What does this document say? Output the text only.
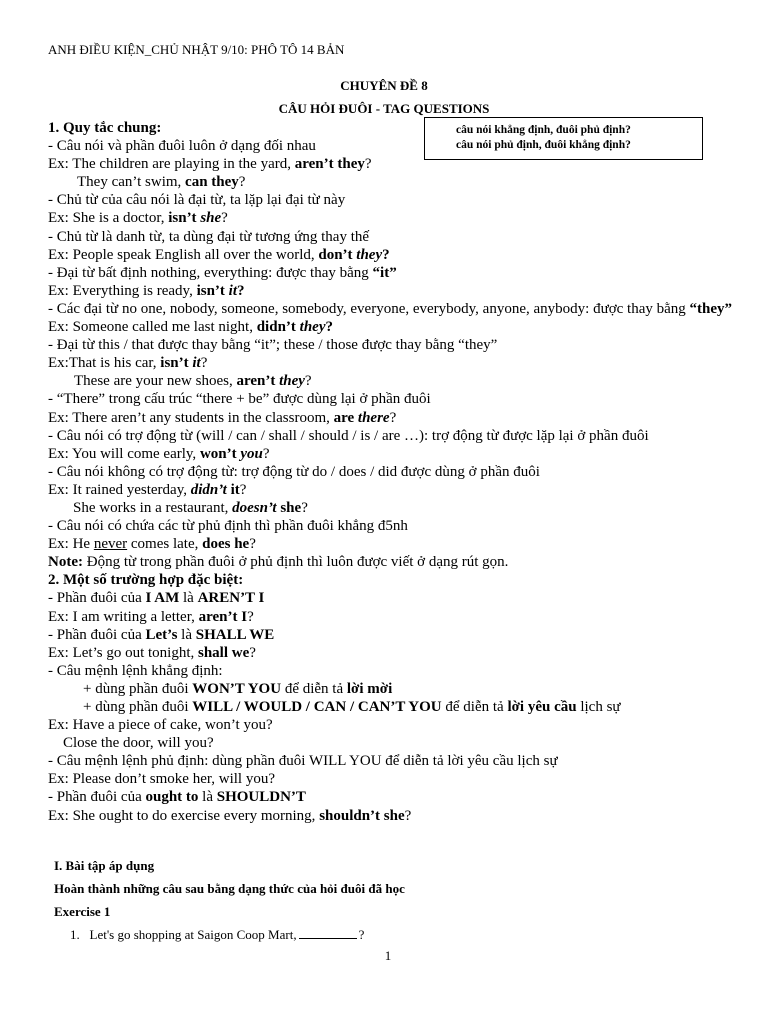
ANH ĐIỀU KIỆN_CHỦ NHẬT 9/10: PHÔ TÔ 14 BẢN
CHUYÊN ĐỀ 8
CÂU HỎI ĐUÔI - TAG QUESTIONS
câu nói khẳng định, đuôi phủ định?
câu nói phủ định, đuôi khẳng định?
1. Quy tắc chung:
- Câu nói và phần đuôi luôn ở dạng đối nhau
Ex: The children are playing in the yard, aren’t they?
They can’t swim, can they?
- Chủ từ của câu nói là đại từ, ta lặp lại đại từ này
Ex: She is a doctor, isn’t she?
- Chủ từ là danh từ, ta dùng đại từ tương ứng thay thế
Ex: People speak English all over the world, don’t they?
- Đại từ bất định nothing, everything: được thay bằng “it”
Ex: Everything is ready, isn’t it?
- Các đại từ no one, nobody, someone, somebody, everyone, everybody, anyone, anybody: được thay bằng “they”
Ex: Someone called me last night, didn’t they?
- Đại từ this / that được thay bằng “it”; these / those được thay bằng “they”
Ex:That is his car, isn’t it?
These are your new shoes, aren’t they?
- “There” trong cấu trúc “there + be” được dùng lại ở phần đuôi
Ex: There aren’t any students in the classroom, are there?
- Câu nói có trợ động từ (will / can / shall / should / is / are …): trợ động từ được lặp lại ở phần đuôi
Ex: You will come early, won’t you?
- Câu nói không có trợ động từ: trợ động từ do / does / did được dùng ở phần đuôi
Ex: It rained yesterday, didn’t it?
She works in a restaurant, doesn’t she?
- Câu nói có chứa các từ phủ định thì phần đuôi khẳng đ5nh
Ex: He never comes late, does he?
Note: Động từ trong phần đuôi ở phủ định thì luôn được viết ở dạng rút gọn.
2. Một số trường hợp đặc biệt:
- Phần đuôi của I AM là AREN’T I
Ex: I am writing a letter, aren’t I?
- Phần đuôi của Let’s là SHALL WE
Ex: Let’s go out tonight, shall we?
- Câu mệnh lệnh khẳng định:
+ dùng phần đuôi WON’T YOU để diễn tả lời mời
+ dùng phần đuôi WILL / WOULD / CAN / CAN’T YOU để diễn tả lời yêu cầu lịch sự
Ex: Have a piece of cake, won’t you?
Close the door, will you?
- Câu mệnh lệnh phủ định: dùng phần đuôi WILL YOU để diễn tả lời yêu cầu lịch sự
Ex: Please don’t smoke her, will you?
- Phần đuôi của ought to là SHOULDN’T
Ex: She ought to do exercise every morning, shouldn’t she?
I. Bài tập áp dụng
Hoàn thành những câu sau bằng dạng thức của hỏi đuôi đã học
Exercise 1
1. Let's go shopping at Saigon Coop Mart,	?
1
